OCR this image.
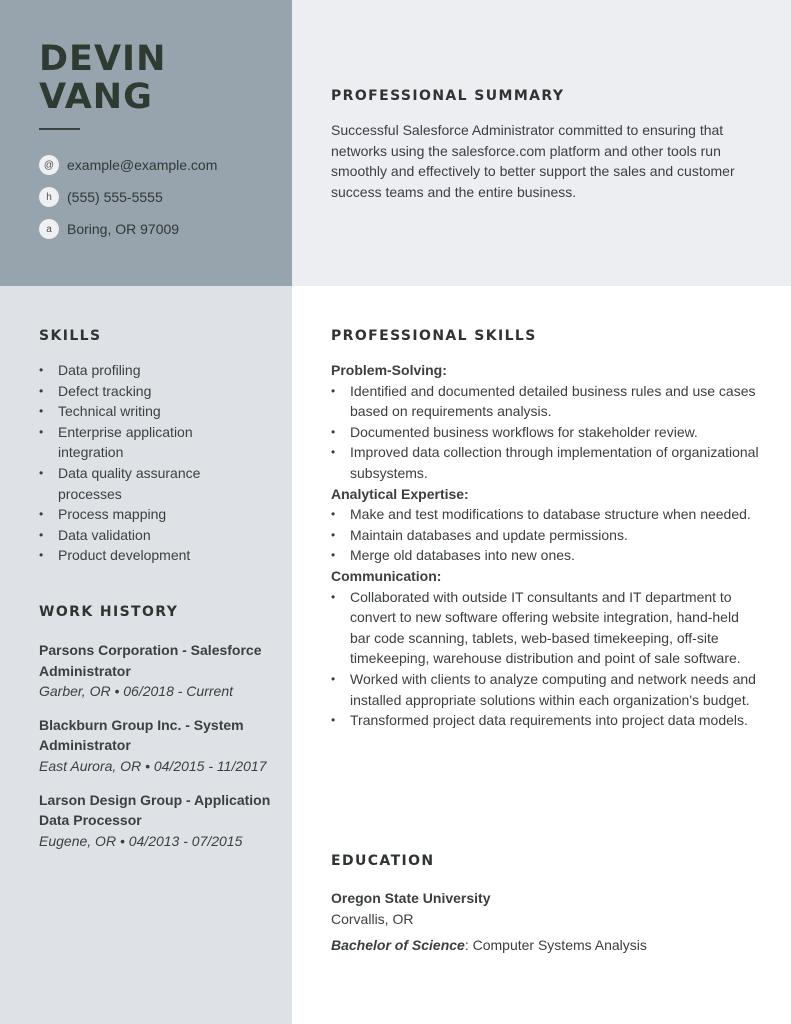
DEVIN
VANG
@ example@example.com
h	(555) 555-5555
a	Boring, OR 97009
PROFESSIONAL SUMMARY

Successful Salesforce Administrator committed to ensuring that networks using the salesforce.com platform and other tools run smoothly and effectively to better support the sales and customer success teams and the entire business.

SKILLS
• Data profiling
• Defect tracking
• Technical writing
• Enterprise application integration
• Data quality assurance processes
• Process mapping
• Data validation
• Product development
WORK HISTORY
Parsons Corporation - Salesforce Administrator
Garber, OR • 06/2018 - Current
Blackburn Group Inc. - System Administrator
East Aurora, OR • 04/2015 - 11/2017
Larson Design Group - Application Data Processor
Eugene, OR • 04/2013 - 07/2015
PROFESSIONAL SKILLS
Problem-Solving:
• Identified and documented detailed business rules and use cases based on requirements analysis.
• Documented business workflows for stakeholder review.
• Improved data collection through implementation of organizational subsystems.
Analytical Expertise:
• Make and test modifications to database structure when needed.
• Maintain databases and update permissions.
• Merge old databases into new ones.
Communication:
• Collaborated with outside IT consultants and IT department to convert to new software offering website integration, hand-held bar code scanning, tablets, web-based timekeeping, off-site timekeeping, warehouse distribution and point of sale software.
• Worked with clients to analyze computing and network needs and installed appropriate solutions within each organization's budget.
• Transformed project data requirements into project data models.
EDUCATION
Oregon State University
Corvallis, OR
Bachelor of Science: Computer Systems Analysis
